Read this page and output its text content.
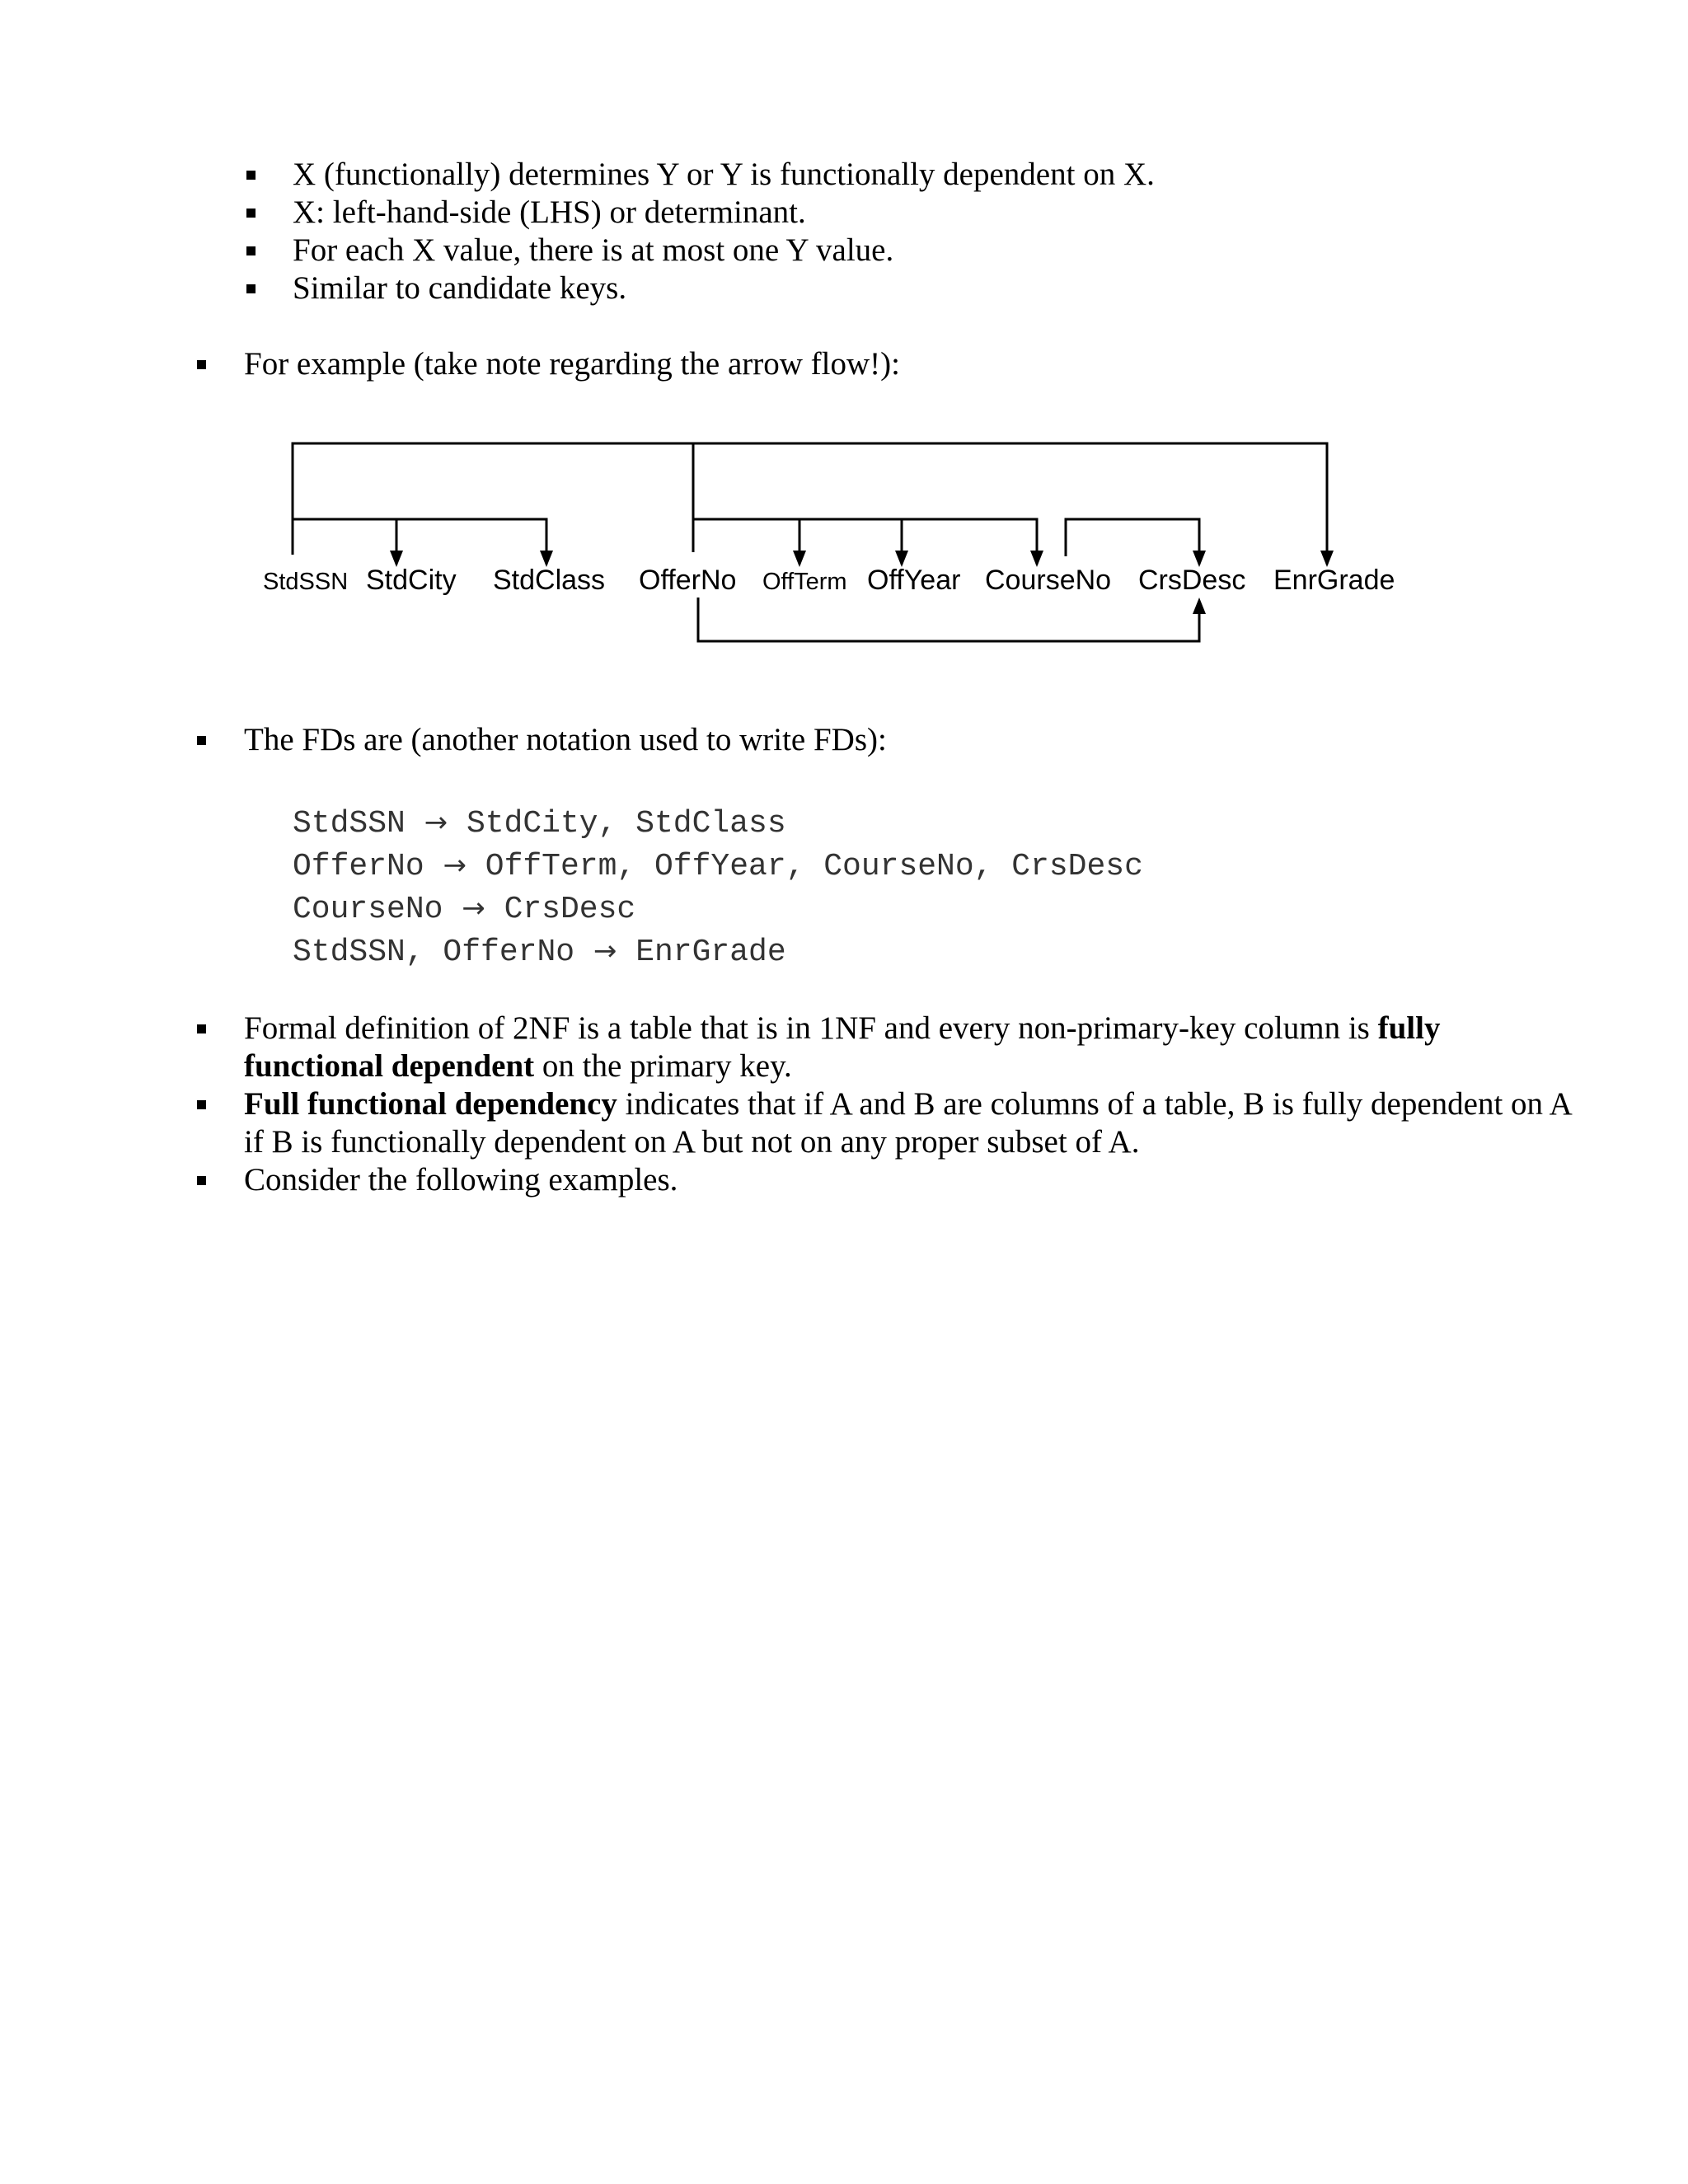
X (functionally) determines Y or Y is functionally dependent on X.
X: left-hand-side (LHS) or determinant.
For each X value, there is at most one Y value.
Similar to candidate keys.
For example (take note regarding the arrow flow!):
StdSSN StdCity StdClass OfferNo OffTerm OffYear CourseNo CrsDesc EnrGrade
The FDs are (another notation used to write FDs):
StdSSN → StdCity, StdClass
OfferNo → OffTerm, OffYear, CourseNo, CrsDesc
CourseNo → CrsDesc
StdSSN, OfferNo → EnrGrade
Formal definition of 2NF is a table that is in 1NF and every non-primary-key column is fully functional dependent on the primary key.
Full functional dependency indicates that if A and B are columns of a table, B is fully dependent on A if B is functionally dependent on A but not on any proper subset of A.
Consider the following examples.
